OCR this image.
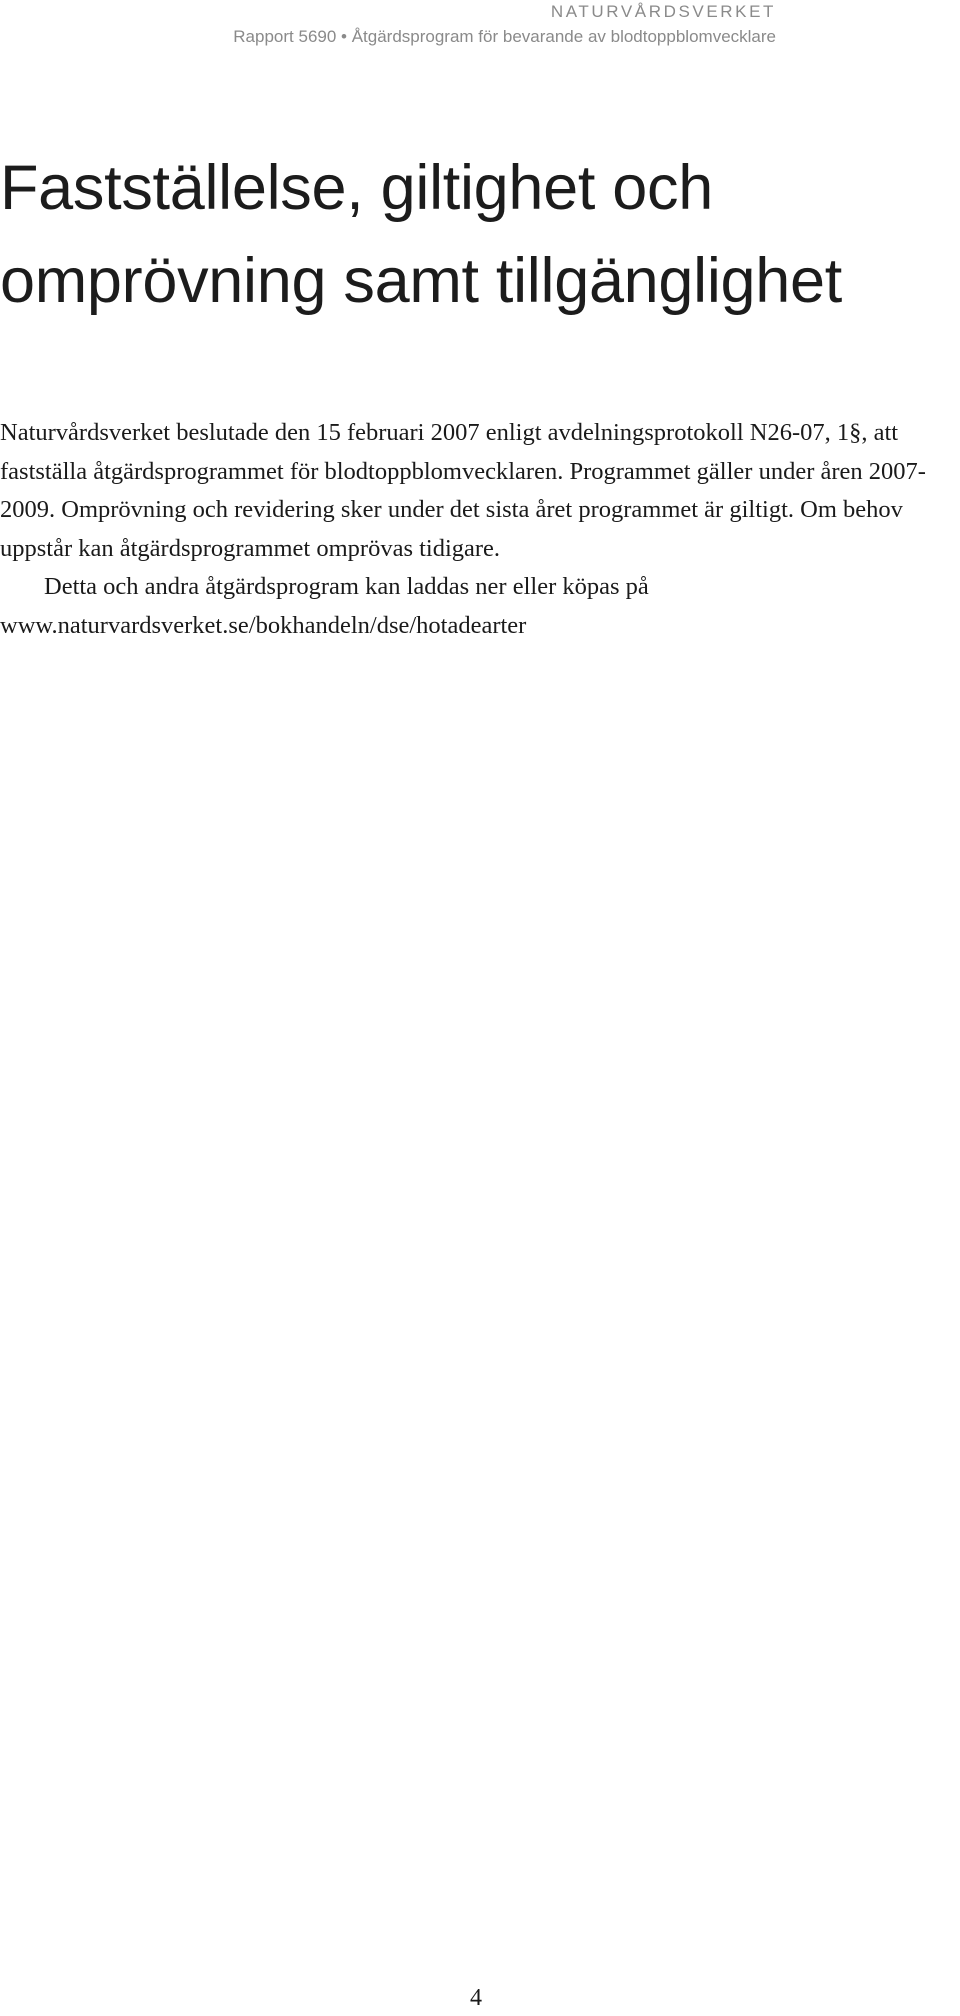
NATURVÅRDSVERKET
Rapport 5690 • Åtgärdsprogram för bevarande av blodtoppblomvecklare
Fastställelse, giltighet och
omprövning samt tillgänglighet

Naturvårdsverket beslutade den 15 februari 2007 enligt avdelningsprotokoll N26-07, 1§, att fastställa åtgärdsprogrammet för blodtoppblomvecklaren. Programmet gäller under åren 2007-2009. Omprövning och revidering sker under det sista året programmet är giltigt. Om behov uppstår kan åtgärdsprogrammet omprövas tidigare.

Detta och andra åtgärdsprogram kan laddas ner eller köpas på www.naturvardsverket.se/bokhandeln/dse/hotadearter

4
